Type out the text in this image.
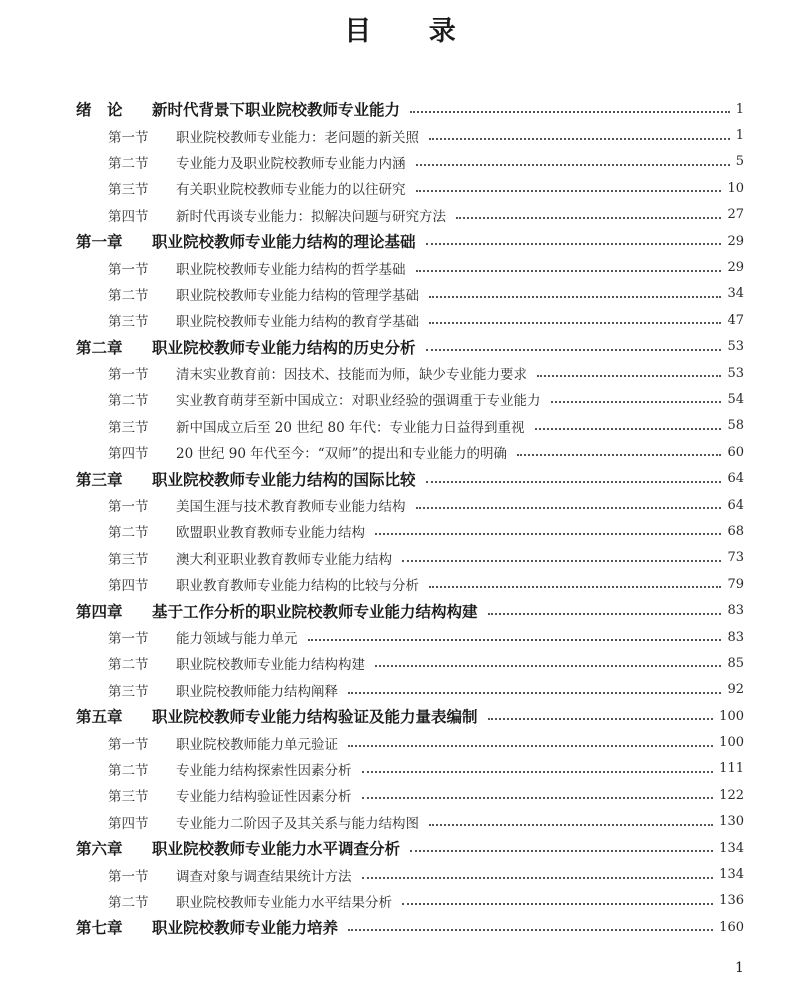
目 录
绪　论	新时代背景下职业院校教师专业能力	1
第一节	职业院校教师专业能力：老问题的新关照	1
第二节	专业能力及职业院校教师专业能力内涵	5
第三节	有关职业院校教师专业能力的以往研究	10
第四节	新时代再谈专业能力：拟解决问题与研究方法	27
第一章	职业院校教师专业能力结构的理论基础	29
第一节	职业院校教师专业能力结构的哲学基础	29
第二节	职业院校教师专业能力结构的管理学基础	34
第三节	职业院校教师专业能力结构的教育学基础	47
第二章	职业院校教师专业能力结构的历史分析	53
第一节	清末实业教育前：因技术、技能而为师，缺少专业能力要求	53
第二节	实业教育萌芽至新中国成立：对职业经验的强调重于专业能力	54
第三节	新中国成立后至 20 世纪 80 年代：专业能力日益得到重视	58
第四节	20 世纪 90 年代至今：“双师”的提出和专业能力的明确	60
第三章	职业院校教师专业能力结构的国际比较	64
第一节	美国生涯与技术教育教师专业能力结构	64
第二节	欧盟职业教育教师专业能力结构	68
第三节	澳大利亚职业教育教师专业能力结构	73
第四节	职业教育教师专业能力结构的比较与分析	79
第四章	基于工作分析的职业院校教师专业能力结构构建	83
第一节	能力领域与能力单元	83
第二节	职业院校教师专业能力结构构建	85
第三节	职业院校教师能力结构阐释	92
第五章	职业院校教师专业能力结构验证及能力量表编制	100
第一节	职业院校教师能力单元验证	100
第二节	专业能力结构探索性因素分析	111
第三节	专业能力结构验证性因素分析	122
第四节	专业能力二阶因子及其关系与能力结构图	130
第六章	职业院校教师专业能力水平调查分析	134
第一节	调查对象与调查结果统计方法	134
第二节	职业院校教师专业能力水平结果分析	136
第七章	职业院校教师专业能力培养	160
1
